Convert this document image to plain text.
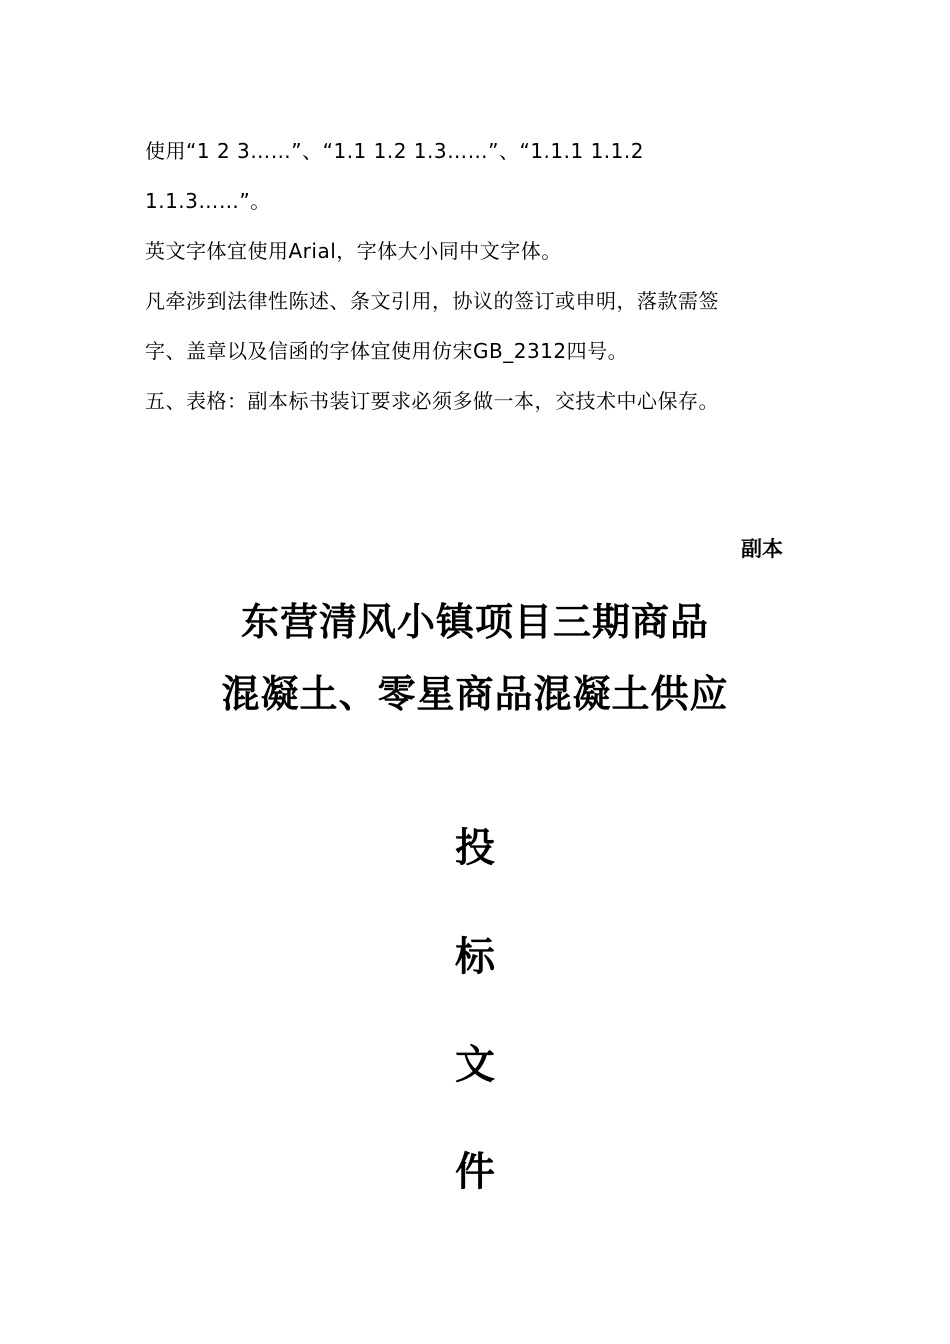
使用“1 2 3……”、“1.1 1.2 1.3……”、“1.1.1 1.1.2
1.1.3……”。
英文字体宜使用Arial，字体大小同中文字体。
凡牵涉到法律性陈述、条文引用，协议的签订或申明，落款需签
字、盖章以及信函的字体宜使用仿宋GB_2312四号。
五、表格：副本标书装订要求必须多做一本，交技术中心保存。
副本
东营清风小镇项目三期商品
混凝土、零星商品混凝土供应
投
标
文
件
